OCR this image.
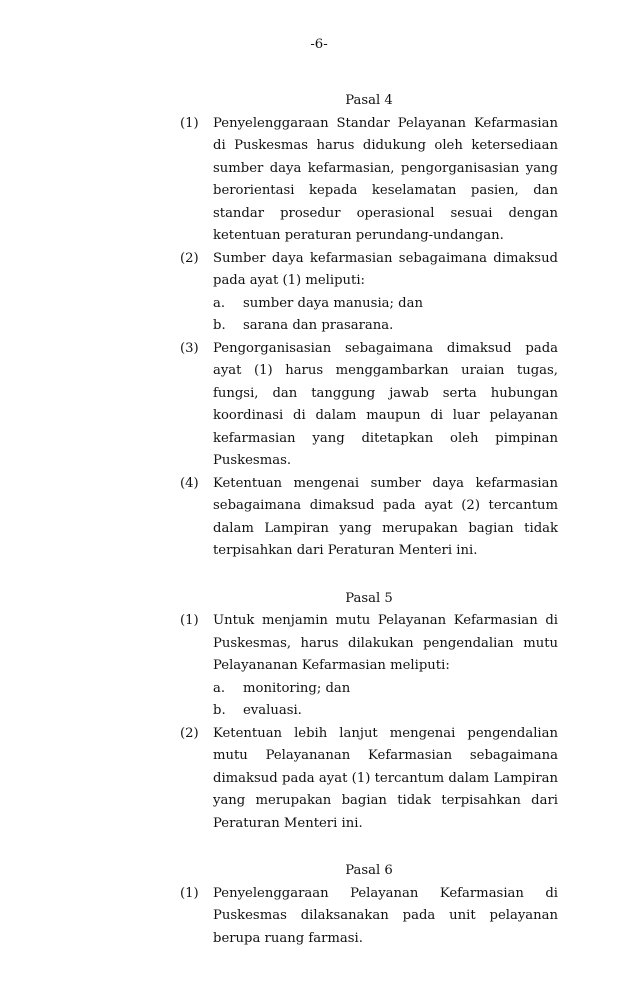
-6-
Pasal 4
(1) Penyelenggaraan Standar Pelayanan Kefarmasian di Puskesmas harus didukung oleh ketersediaan sumber daya kefarmasian, pengorganisasian yang berorientasi kepada keselamatan pasien, dan standar prosedur operasional sesuai dengan ketentuan peraturan perundang-undangan.
(2) Sumber daya kefarmasian sebagaimana dimaksud pada ayat (1) meliputi:
a. sumber daya manusia; dan
b. sarana dan prasarana.
(3) Pengorganisasian sebagaimana dimaksud pada ayat (1) harus menggambarkan uraian tugas, fungsi, dan tanggung jawab serta hubungan koordinasi di dalam maupun di luar pelayanan kefarmasian yang ditetapkan oleh pimpinan Puskesmas.
(4) Ketentuan mengenai sumber daya kefarmasian sebagaimana dimaksud pada ayat (2) tercantum dalam Lampiran yang merupakan bagian tidak terpisahkan dari Peraturan Menteri ini.
Pasal 5
(1) Untuk menjamin mutu Pelayanan Kefarmasian di Puskesmas, harus dilakukan pengendalian mutu Pelayananan Kefarmasian meliputi:
a. monitoring; dan
b. evaluasi.
(2) Ketentuan lebih lanjut mengenai pengendalian mutu Pelayananan Kefarmasian sebagaimana dimaksud pada ayat (1) tercantum dalam Lampiran yang merupakan bagian tidak terpisahkan dari Peraturan Menteri ini.
Pasal 6
(1) Penyelenggaraan Pelayanan Kefarmasian di Puskesmas dilaksanakan pada unit pelayanan berupa ruang farmasi.
